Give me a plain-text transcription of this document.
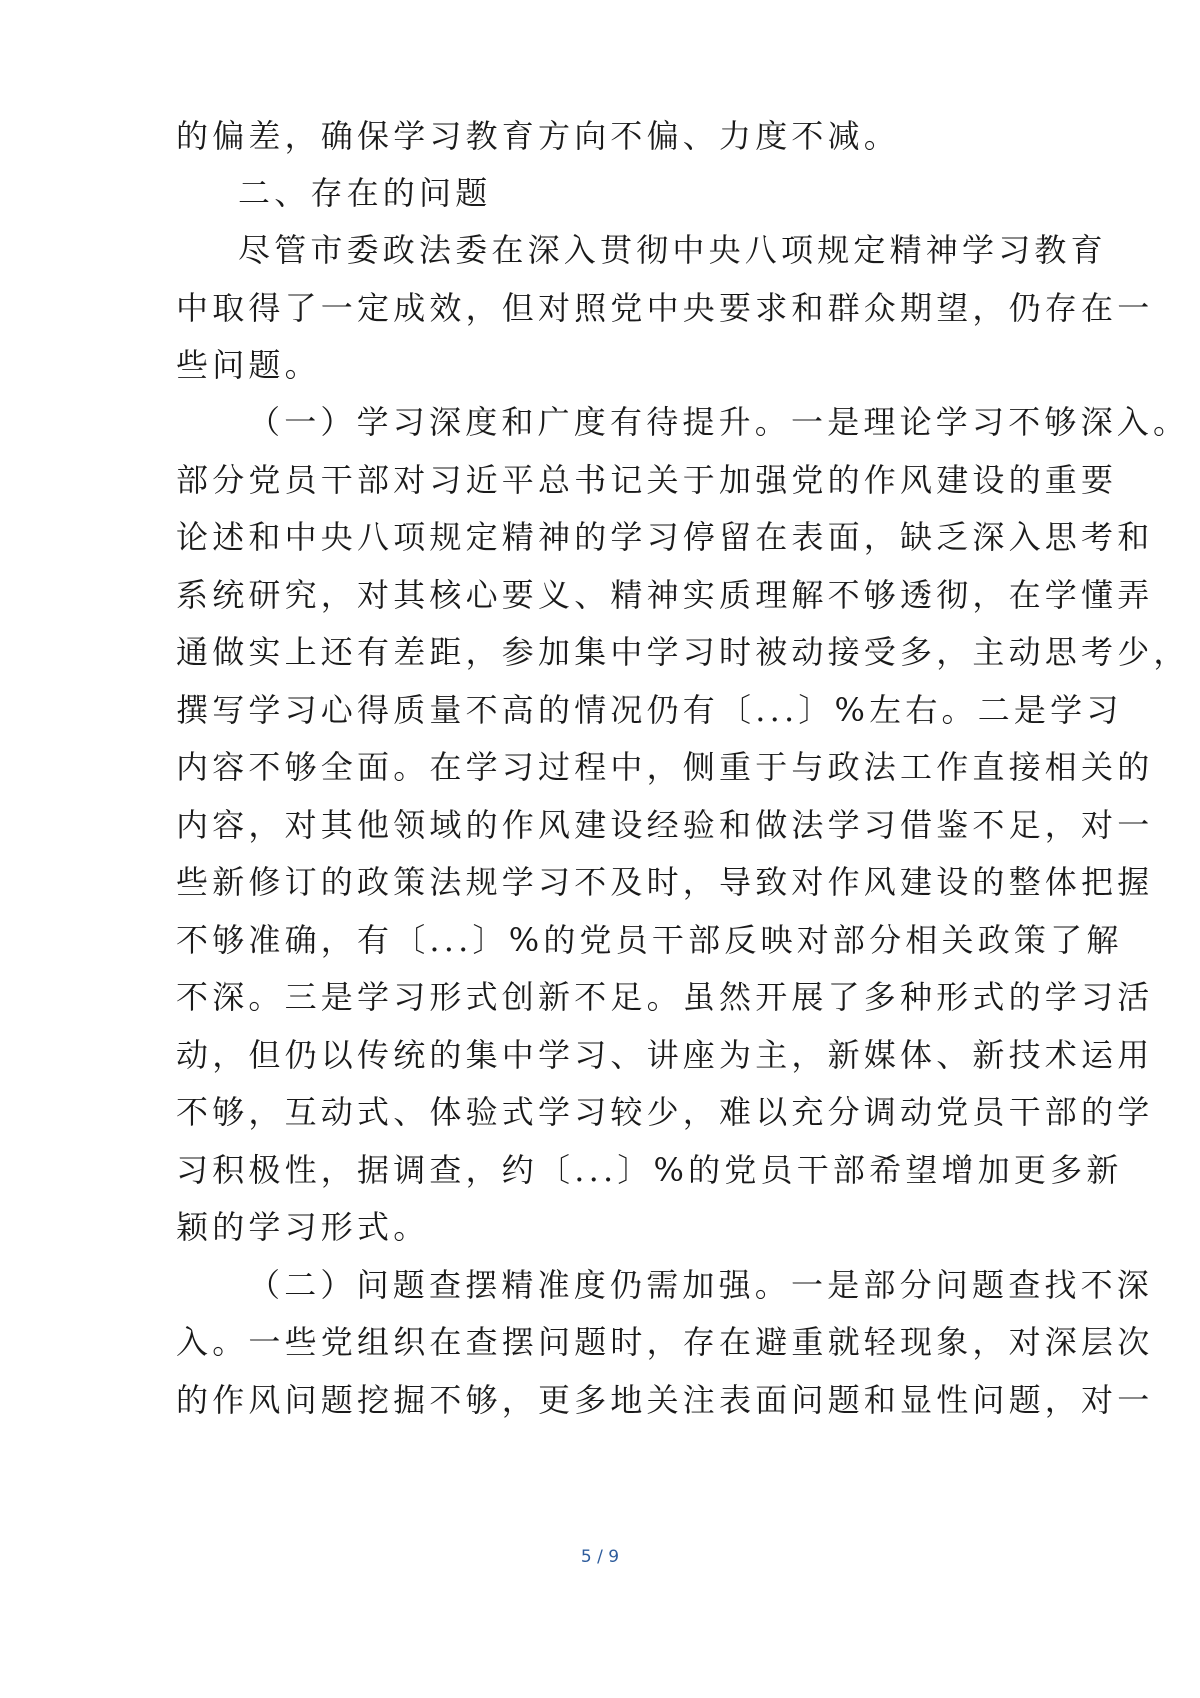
的偏差，确保学习教育方向不偏、力度不减。
二、存在的问题
尽管市委政法委在深入贯彻中央八项规定精神学习教育
中取得了一定成效，但对照党中央要求和群众期望，仍存在一
些问题。
（一）学习深度和广度有待提升。一是理论学习不够深入。
部分党员干部对习近平总书记关于加强党的作风建设的重要
论述和中央八项规定精神的学习停留在表面，缺乏深入思考和
系统研究，对其核心要义、精神实质理解不够透彻，在学懂弄
通做实上还有差距，参加集中学习时被动接受多，主动思考少，
撰写学习心得质量不高的情况仍有〔...〕%左右。二是学习
内容不够全面。在学习过程中，侧重于与政法工作直接相关的
内容，对其他领域的作风建设经验和做法学习借鉴不足，对一
些新修订的政策法规学习不及时，导致对作风建设的整体把握
不够准确，有〔...〕%的党员干部反映对部分相关政策了解
不深。三是学习形式创新不足。虽然开展了多种形式的学习活
动，但仍以传统的集中学习、讲座为主，新媒体、新技术运用
不够，互动式、体验式学习较少，难以充分调动党员干部的学
习积极性，据调查，约〔...〕%的党员干部希望增加更多新
颖的学习形式。
（二）问题查摆精准度仍需加强。一是部分问题查找不深
入。一些党组织在查摆问题时，存在避重就轻现象，对深层次
的作风问题挖掘不够，更多地关注表面问题和显性问题，对一
5 / 9
